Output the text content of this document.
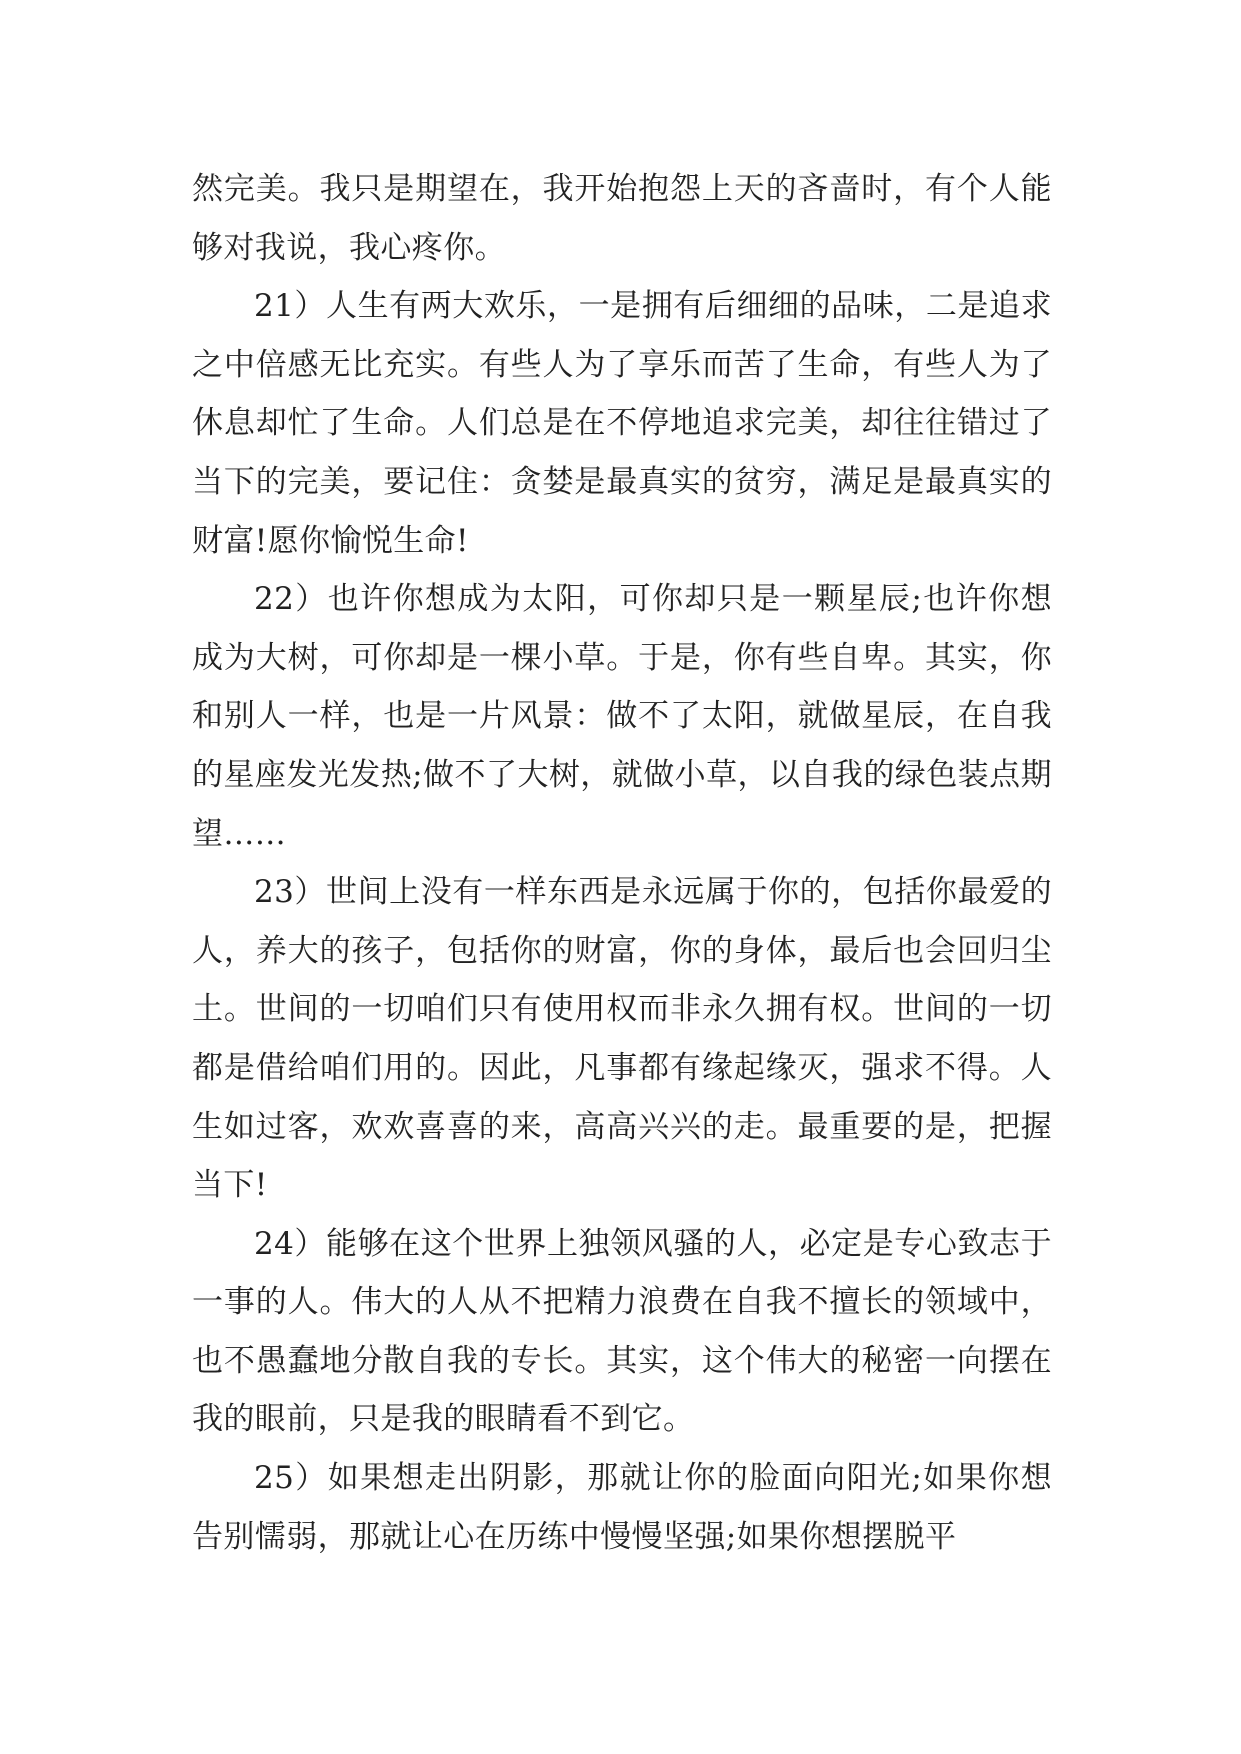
然完美。我只是期望在，我开始抱怨上天的吝啬时，有个人能够对我说，我心疼你。

21）人生有两大欢乐，一是拥有后细细的品味，二是追求之中倍感无比充实。有些人为了享乐而苦了生命，有些人为了休息却忙了生命。人们总是在不停地追求完美，却往往错过了当下的完美，要记住：贪婪是最真实的贫穷，满足是最真实的财富!愿你愉悦生命!

22）也许你想成为太阳，可你却只是一颗星辰;也许你想成为大树，可你却是一棵小草。于是，你有些自卑。其实，你和别人一样，也是一片风景：做不了太阳，就做星辰，在自我的星座发光发热;做不了大树，就做小草，以自我的绿色装点期望……

23）世间上没有一样东西是永远属于你的，包括你最爱的人，养大的孩子，包括你的财富，你的身体，最后也会回归尘土。世间的一切咱们只有使用权而非永久拥有权。世间的一切都是借给咱们用的。因此，凡事都有缘起缘灭，强求不得。人生如过客，欢欢喜喜的来，高高兴兴的走。最重要的是，把握当下!

24）能够在这个世界上独领风骚的人，必定是专心致志于一事的人。伟大的人从不把精力浪费在自我不擅长的领域中，也不愚蠢地分散自我的专长。其实，这个伟大的秘密一向摆在我的眼前，只是我的眼睛看不到它。

25）如果想走出阴影，那就让你的脸面向阳光;如果你想告别懦弱，那就让心在历练中慢慢坚强;如果你想摆脱平
